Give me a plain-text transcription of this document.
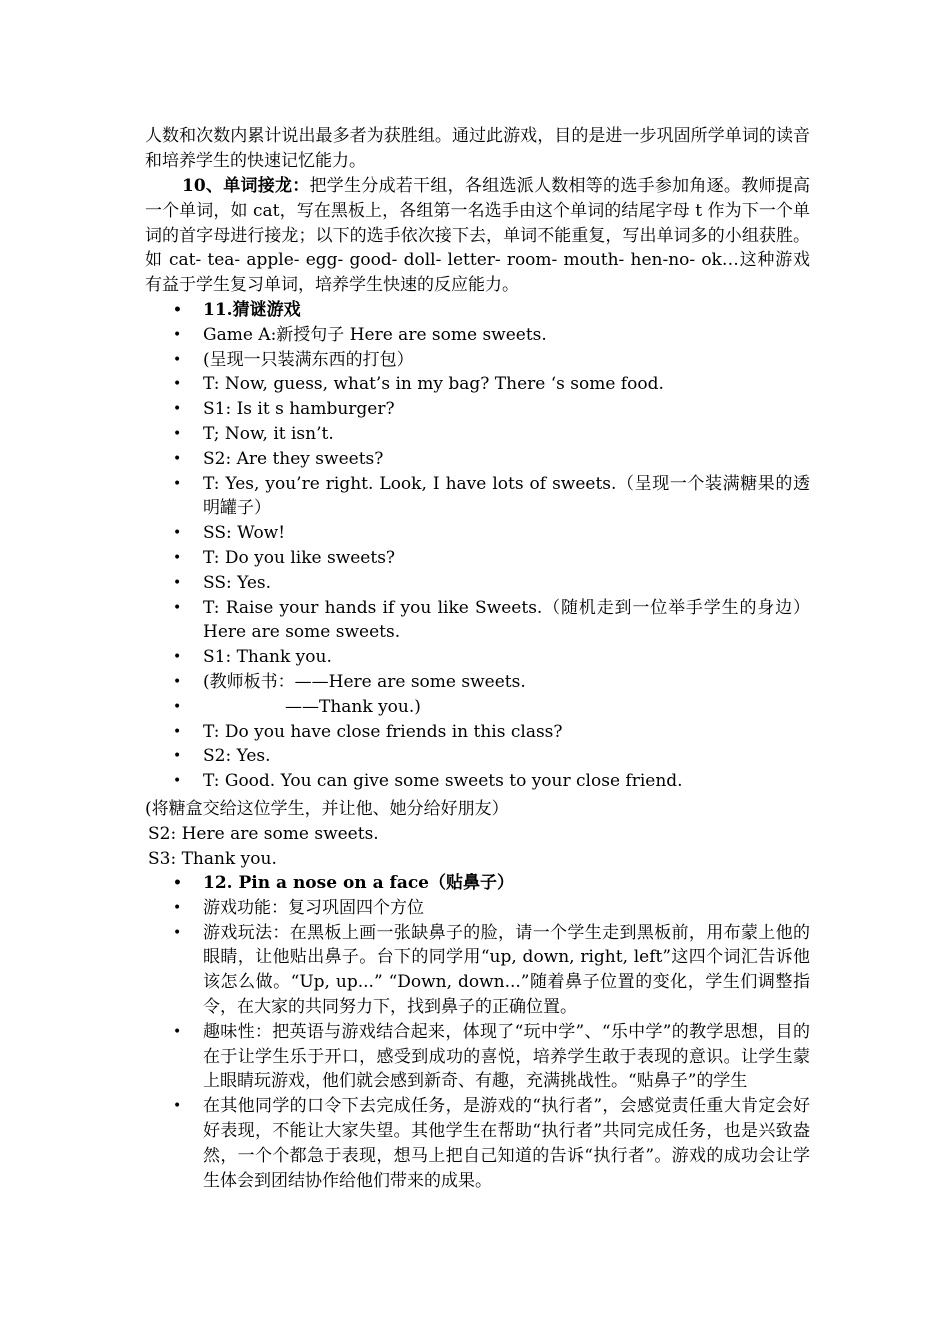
人数和次数内累计说出最多者为获胜组。通过此游戏，目的是进一步巩固所学单词的读音和培养学生的快速记忆能力。

10、单词接龙：把学生分成若干组，各组选派人数相等的选手参加角逐。教师提高一个单词，如 cat，写在黑板上，各组第一名选手由这个单词的结尾字母 t 作为下一个单词的首字母进行接龙；以下的选手依次接下去，单词不能重复，写出单词多的小组获胜。如 cat- tea- apple- egg- good- doll- letter- room- mouth- hen-no- ok…这种游戏有益于学生复习单词，培养学生快速的反应能力。

• 11.猜谜游戏
• Game A:新授句子 Here are some sweets.
• (呈现一只装满东西的打包）
• T: Now, guess, what’s in my bag? There ‘s some food.
• S1: Is it s hamburger?
• T; Now, it isn’t.
• S2: Are they sweets?
• T: Yes, you’re right. Look, I have lots of sweets.（呈现一个装满糖果的透明罐子）
• SS: Wow!
• T: Do you like sweets?
• SS: Yes.
• T: Raise your hands if you like Sweets.（随机走到一位举手学生的身边）Here are some sweets.
• S1: Thank you.
• (教师板书：——Here are some sweets.
•	——Thank you.)
• T: Do you have close friends in this class?
• S2: Yes.
• T: Good. You can give some sweets to your close friend.

(将糖盒交给这位学生，并让他、她分给好朋友）

S2: Here are some sweets.

S3: Thank you.

• 12. Pin a nose on a face（贴鼻子）
• 游戏功能：复习巩固四个方位
• 游戏玩法：在黑板上画一张缺鼻子的脸，请一个学生走到黑板前，用布蒙上他的眼睛，让他贴出鼻子。台下的同学用“up, down, right, left”这四个词汇告诉他该怎么做。“Up, up...” “Down, down...”随着鼻子位置的变化，学生们调整指令，在大家的共同努力下，找到鼻子的正确位置。
• 趣味性：把英语与游戏结合起来，体现了“玩中学”、“乐中学”的教学思想，目的在于让学生乐于开口，感受到成功的喜悦，培养学生敢于表现的意识。让学生蒙上眼睛玩游戏，他们就会感到新奇、有趣，充满挑战性。“贴鼻子”的学生
• 在其他同学的口令下去完成任务，是游戏的“执行者”，会感觉责任重大肯定会好好表现，不能让大家失望。其他学生在帮助“执行者”共同完成任务，也是兴致盎然，一个个都急于表现，想马上把自己知道的告诉“执行者”。游戏的成功会让学生体会到团结协作给他们带来的成果。
